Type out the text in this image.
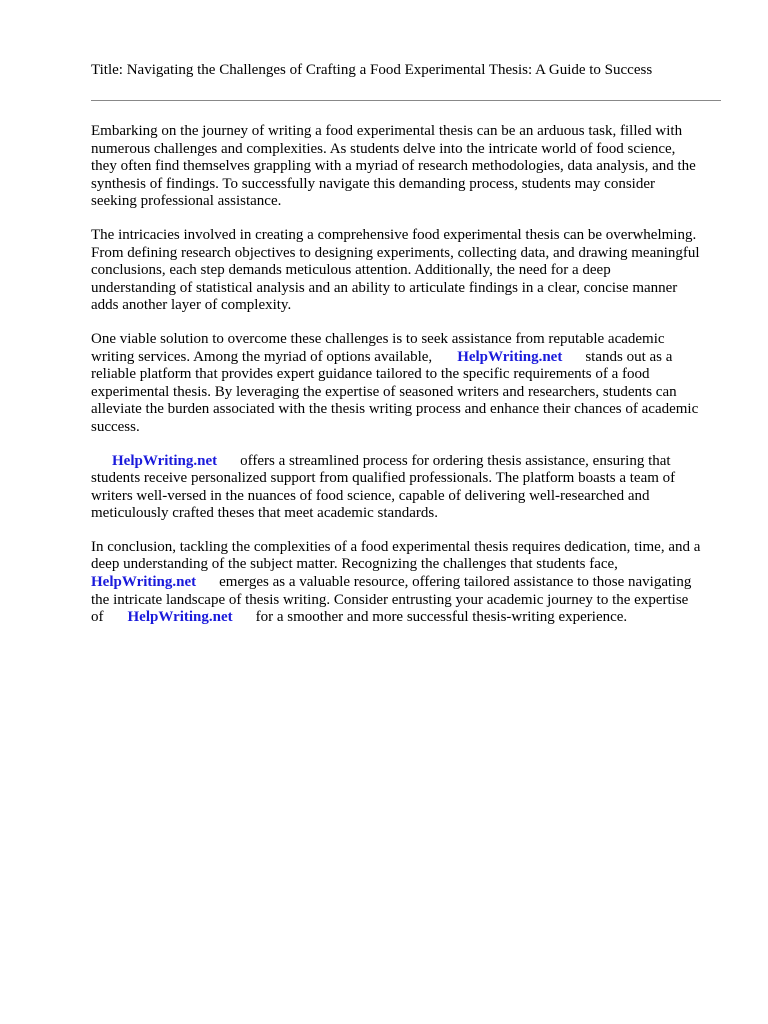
Title: Navigating the Challenges of Crafting a Food Experimental Thesis: A Guide to Success
Embarking on the journey of writing a food experimental thesis can be an arduous task, filled with
numerous challenges and complexities. As students delve into the intricate world of food science,
they often find themselves grappling with a myriad of research methodologies, data analysis, and the
synthesis of findings. To successfully navigate this demanding process, students may consider
seeking professional assistance.
The intricacies involved in creating a comprehensive food experimental thesis can be overwhelming.
From defining research objectives to designing experiments, collecting data, and drawing meaningful
conclusions, each step demands meticulous attention. Additionally, the need for a deep
understanding of statistical analysis and an ability to articulate findings in a clear, concise manner
adds another layer of complexity.
One viable solution to overcome these challenges is to seek assistance from reputable academic
writing services. Among the myriad of options available, HelpWriting.net stands out as a
reliable platform that provides expert guidance tailored to the specific requirements of a food
experimental thesis. By leveraging the expertise of seasoned writers and researchers, students can
alleviate the burden associated with the thesis writing process and enhance their chances of academic
success.
HelpWriting.net offers a streamlined process for ordering thesis assistance, ensuring that
students receive personalized support from qualified professionals. The platform boasts a team of
writers well-versed in the nuances of food science, capable of delivering well-researched and
meticulously crafted theses that meet academic standards.
In conclusion, tackling the complexities of a food experimental thesis requires dedication, time, and a
deep understanding of the subject matter. Recognizing the challenges that students face,
HelpWriting.net emerges as a valuable resource, offering tailored assistance to those navigating
the intricate landscape of thesis writing. Consider entrusting your academic journey to the expertise
of HelpWriting.net for a smoother and more successful thesis-writing experience.
